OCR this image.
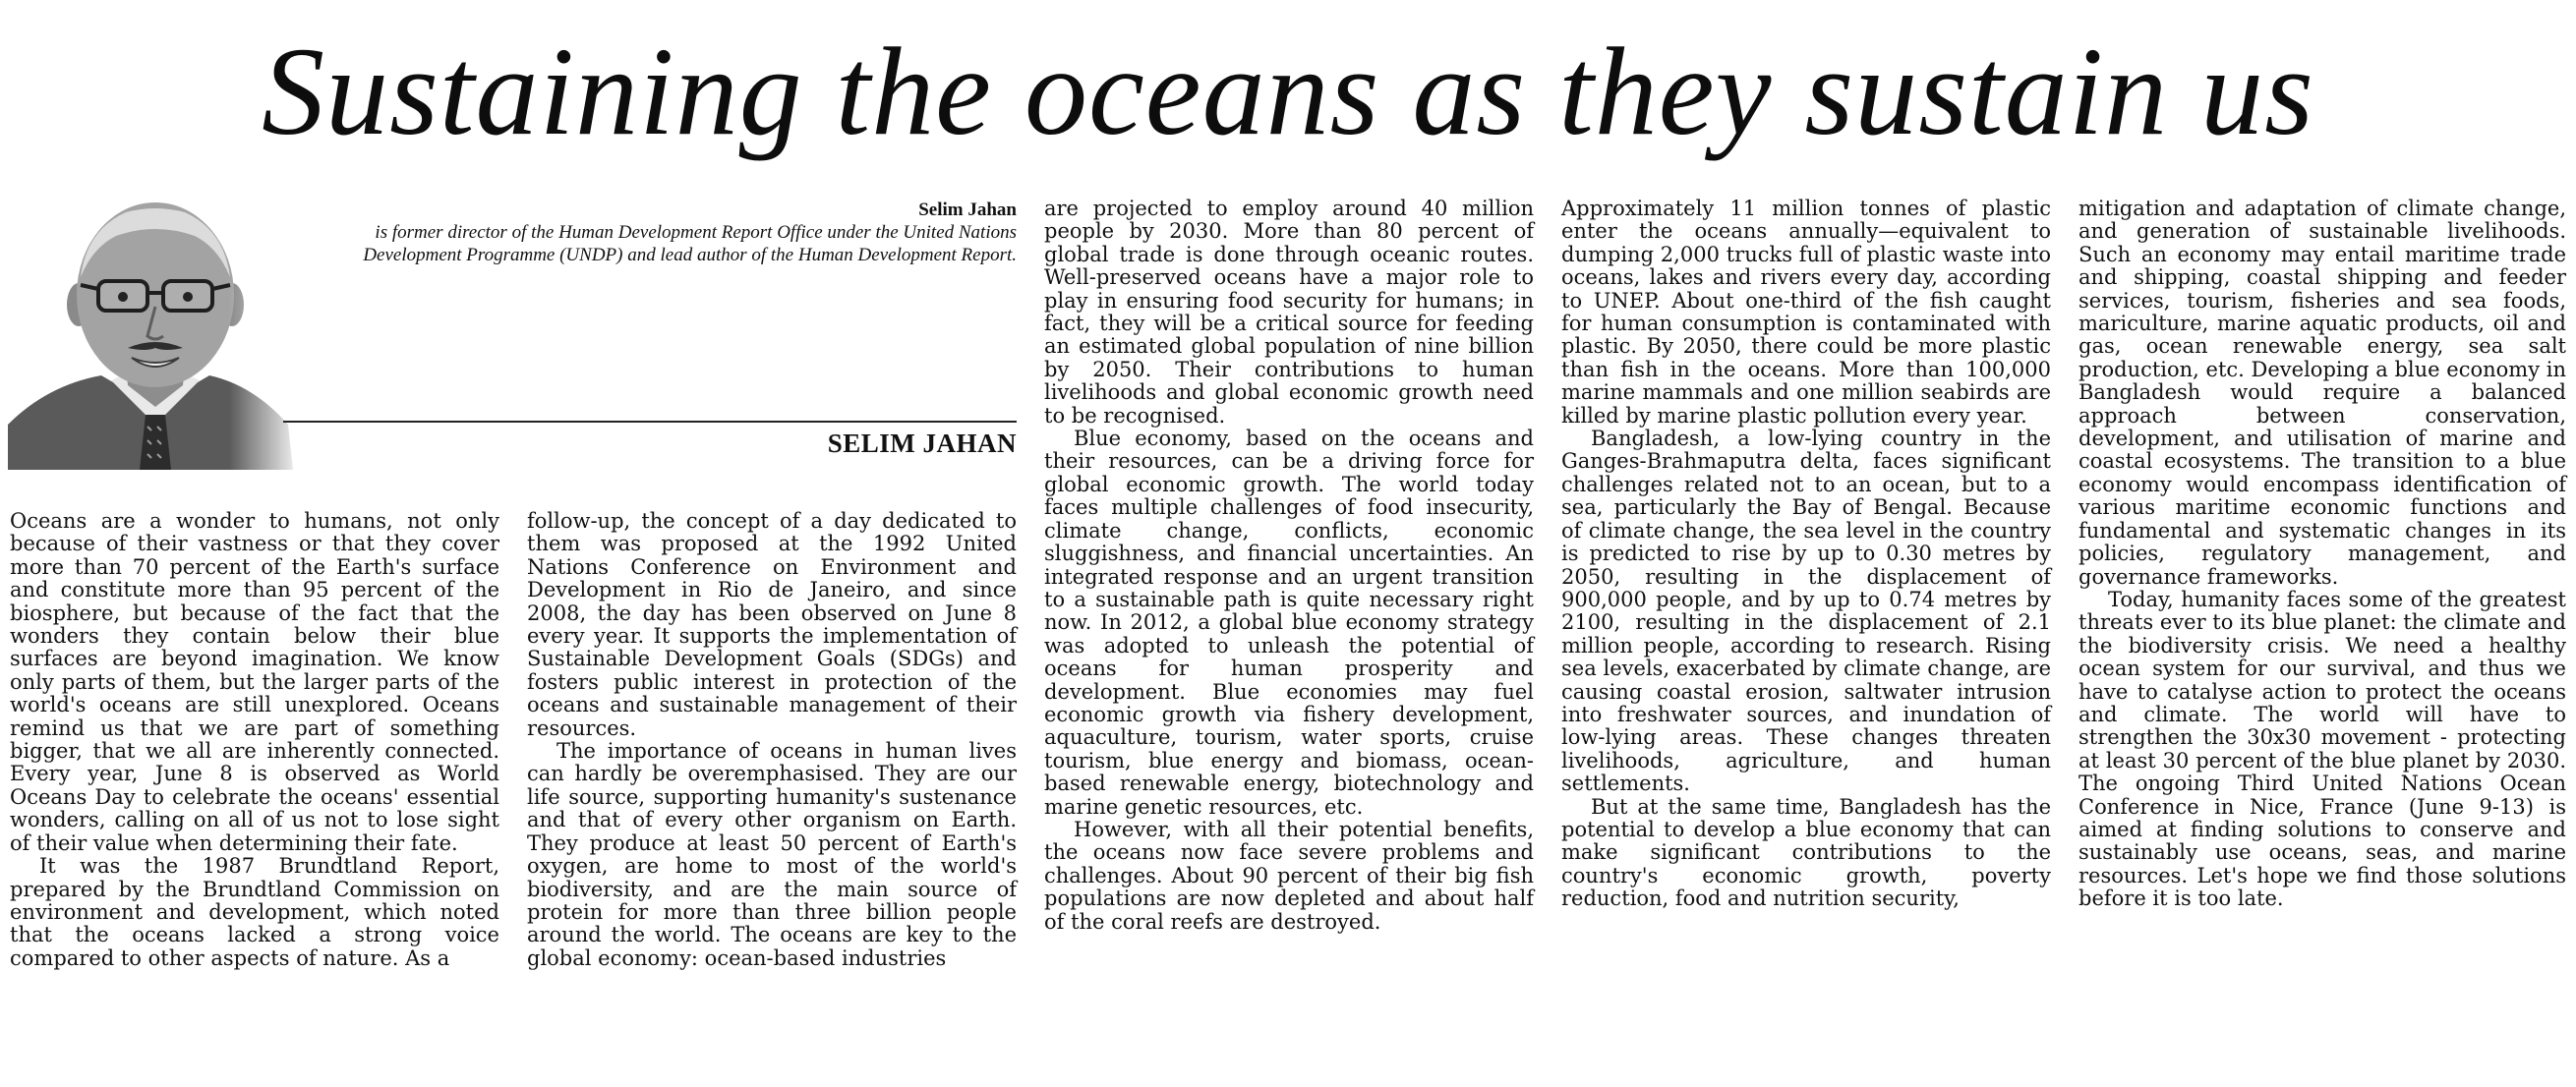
Sustaining the oceans as they sustain us
Selim Jahan
is former director of the Human Development Report Office under the United Nations Development Programme (UNDP) and lead author of the Human Development Report.
SELIM JAHAN

Oceans are a wonder to humans, not only because of their vastness or that they cover more than 70 percent of the Earth's surface and constitute more than 95 percent of the biosphere, but because of the fact that the wonders they contain below their blue surfaces are beyond imagination. We know only parts of them, but the larger parts of the world's oceans are still unexplored. Oceans remind us that we are part of something bigger, that we all are inherently connected. Every year, June 8 is observed as World Oceans Day to celebrate the oceans' essential wonders, calling on all of us not to lose sight of their value when determining their fate.

It was the 1987 Brundtland Report, prepared by the Brundtland Commission on environment and development, which noted that the oceans lacked a strong voice compared to other aspects of nature. As a

follow-up, the concept of a day dedicated to them was proposed at the 1992 United Nations Conference on Environment and Development in Rio de Janeiro, and since 2008, the day has been observed on June 8 every year. It supports the implementation of Sustainable Development Goals (SDGs) and fosters public interest in protection of the oceans and sustainable management of their resources.

The importance of oceans in human lives can hardly be overemphasised. They are our life source, supporting humanity's sustenance and that of every other organism on Earth. They produce at least 50 percent of Earth's oxygen, are home to most of the world's biodiversity, and are the main source of protein for more than three billion people around the world. The oceans are key to the global economy: ocean-based industries

are projected to employ around 40 million people by 2030. More than 80 percent of global trade is done through oceanic routes. Well-preserved oceans have a major role to play in ensuring food security for humans; in fact, they will be a critical source for feeding an estimated global population of nine billion by 2050. Their contributions to human livelihoods and global economic growth need to be recognised.

Blue economy, based on the oceans and their resources, can be a driving force for global economic growth. The world today faces multiple challenges of food insecurity, climate change, conflicts, economic sluggishness, and financial uncertainties. An integrated response and an urgent transition to a sustainable path is quite necessary right now. In 2012, a global blue economy strategy was adopted to unleash the potential of oceans for human prosperity and development. Blue economies may fuel economic growth via fishery development, aquaculture, tourism, water sports, cruise tourism, blue energy and biomass, ocean-based renewable energy, biotechnology and marine genetic resources, etc.

However, with all their potential benefits, the oceans now face severe problems and challenges. About 90 percent of their big fish populations are now depleted and about half of the coral reefs are destroyed.

Approximately 11 million tonnes of plastic enter the oceans annually—equivalent to dumping 2,000 trucks full of plastic waste into oceans, lakes and rivers every day, according to UNEP. About one-third of the fish caught for human consumption is contaminated with plastic. By 2050, there could be more plastic than fish in the oceans. More than 100,000 marine mammals and one million seabirds are killed by marine plastic pollution every year.

Bangladesh, a low-lying country in the Ganges-Brahmaputra delta, faces significant challenges related not to an ocean, but to a sea, particularly the Bay of Bengal. Because of climate change, the sea level in the country is predicted to rise by up to 0.30 metres by 2050, resulting in the displacement of 900,000 people, and by up to 0.74 metres by 2100, resulting in the displacement of 2.1 million people, according to research. Rising sea levels, exacerbated by climate change, are causing coastal erosion, saltwater intrusion into freshwater sources, and inundation of low-lying areas. These changes threaten livelihoods, agriculture, and human settlements.

But at the same time, Bangladesh has the potential to develop a blue economy that can make significant contributions to the country's economic growth, poverty reduction, food and nutrition security,

mitigation and adaptation of climate change, and generation of sustainable livelihoods. Such an economy may entail maritime trade and shipping, coastal shipping and feeder services, tourism, fisheries and sea foods, mariculture, marine aquatic products, oil and gas, ocean renewable energy, sea salt production, etc. Developing a blue economy in Bangladesh would require a balanced approach between conservation, development, and utilisation of marine and coastal ecosystems. The transition to a blue economy would encompass identification of various maritime economic functions and fundamental and systematic changes in its policies, regulatory management, and governance frameworks.

Today, humanity faces some of the greatest threats ever to its blue planet: the climate and the biodiversity crisis. We need a healthy ocean system for our survival, and thus we have to catalyse action to protect the oceans and climate. The world will have to strengthen the 30x30 movement - protecting at least 30 percent of the blue planet by 2030. The ongoing Third United Nations Ocean Conference in Nice, France (June 9-13) is aimed at finding solutions to conserve and sustainably use oceans, seas, and marine resources. Let's hope we find those solutions before it is too late.
